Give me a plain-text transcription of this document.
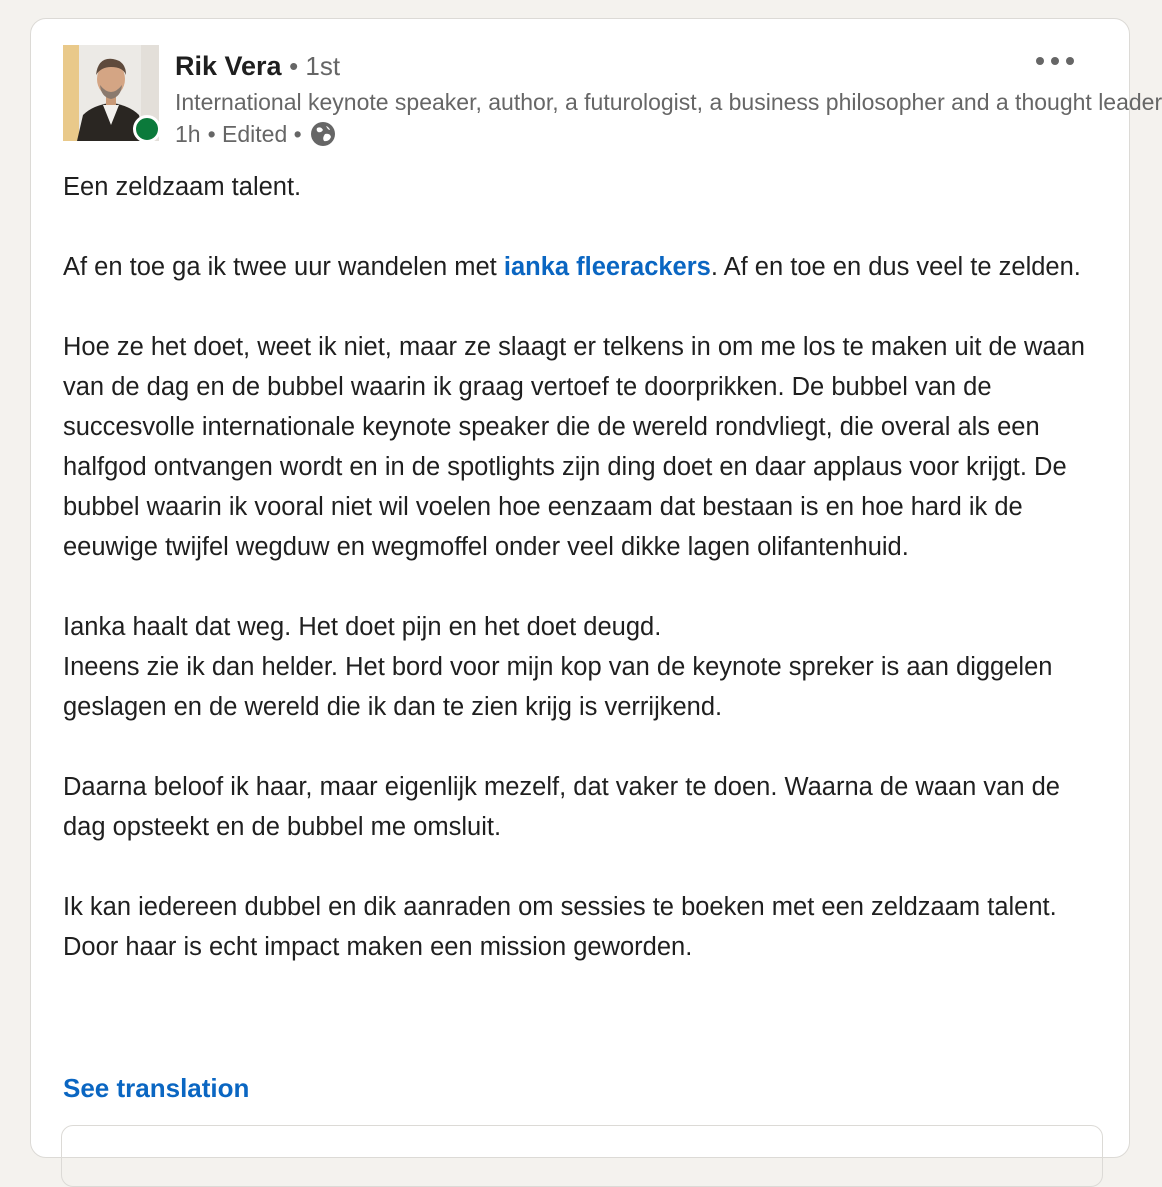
Rik Vera • 1st
International keynote speaker, author, a futurologist, a business philosopher and a thought leader
1h • Edited •

Een zeldzaam talent.

Af en toe ga ik twee uur wandelen met ianka fleerackers. Af en toe en dus veel te zelden.

Hoe ze het doet, weet ik niet, maar ze slaagt er telkens in om me los te maken uit de waan van de dag en de bubbel waarin ik graag vertoef te doorprikken. De bubbel van de succesvolle internationale keynote speaker die de wereld rondvliegt, die overal als een halfgod ontvangen wordt en in de spotlights zijn ding doet en daar applaus voor krijgt. De bubbel waarin ik vooral niet wil voelen hoe eenzaam dat bestaan is en hoe hard ik de eeuwige twijfel wegduw en wegmoffel onder veel dikke lagen olifantenhuid.

Ianka haalt dat weg. Het doet pijn en het doet deugd.
Ineens zie ik dan helder. Het bord voor mijn kop van de keynote spreker is aan diggelen geslagen en de wereld die ik dan te zien krijg is verrijkend.

Daarna beloof ik haar, maar eigenlijk mezelf, dat vaker te doen. Waarna de waan van de dag opsteekt en de bubbel me omsluit.

Ik kan iedereen dubbel en dik aanraden om sessies te boeken met een zeldzaam talent. Door haar is echt impact maken een mission geworden.

See translation
